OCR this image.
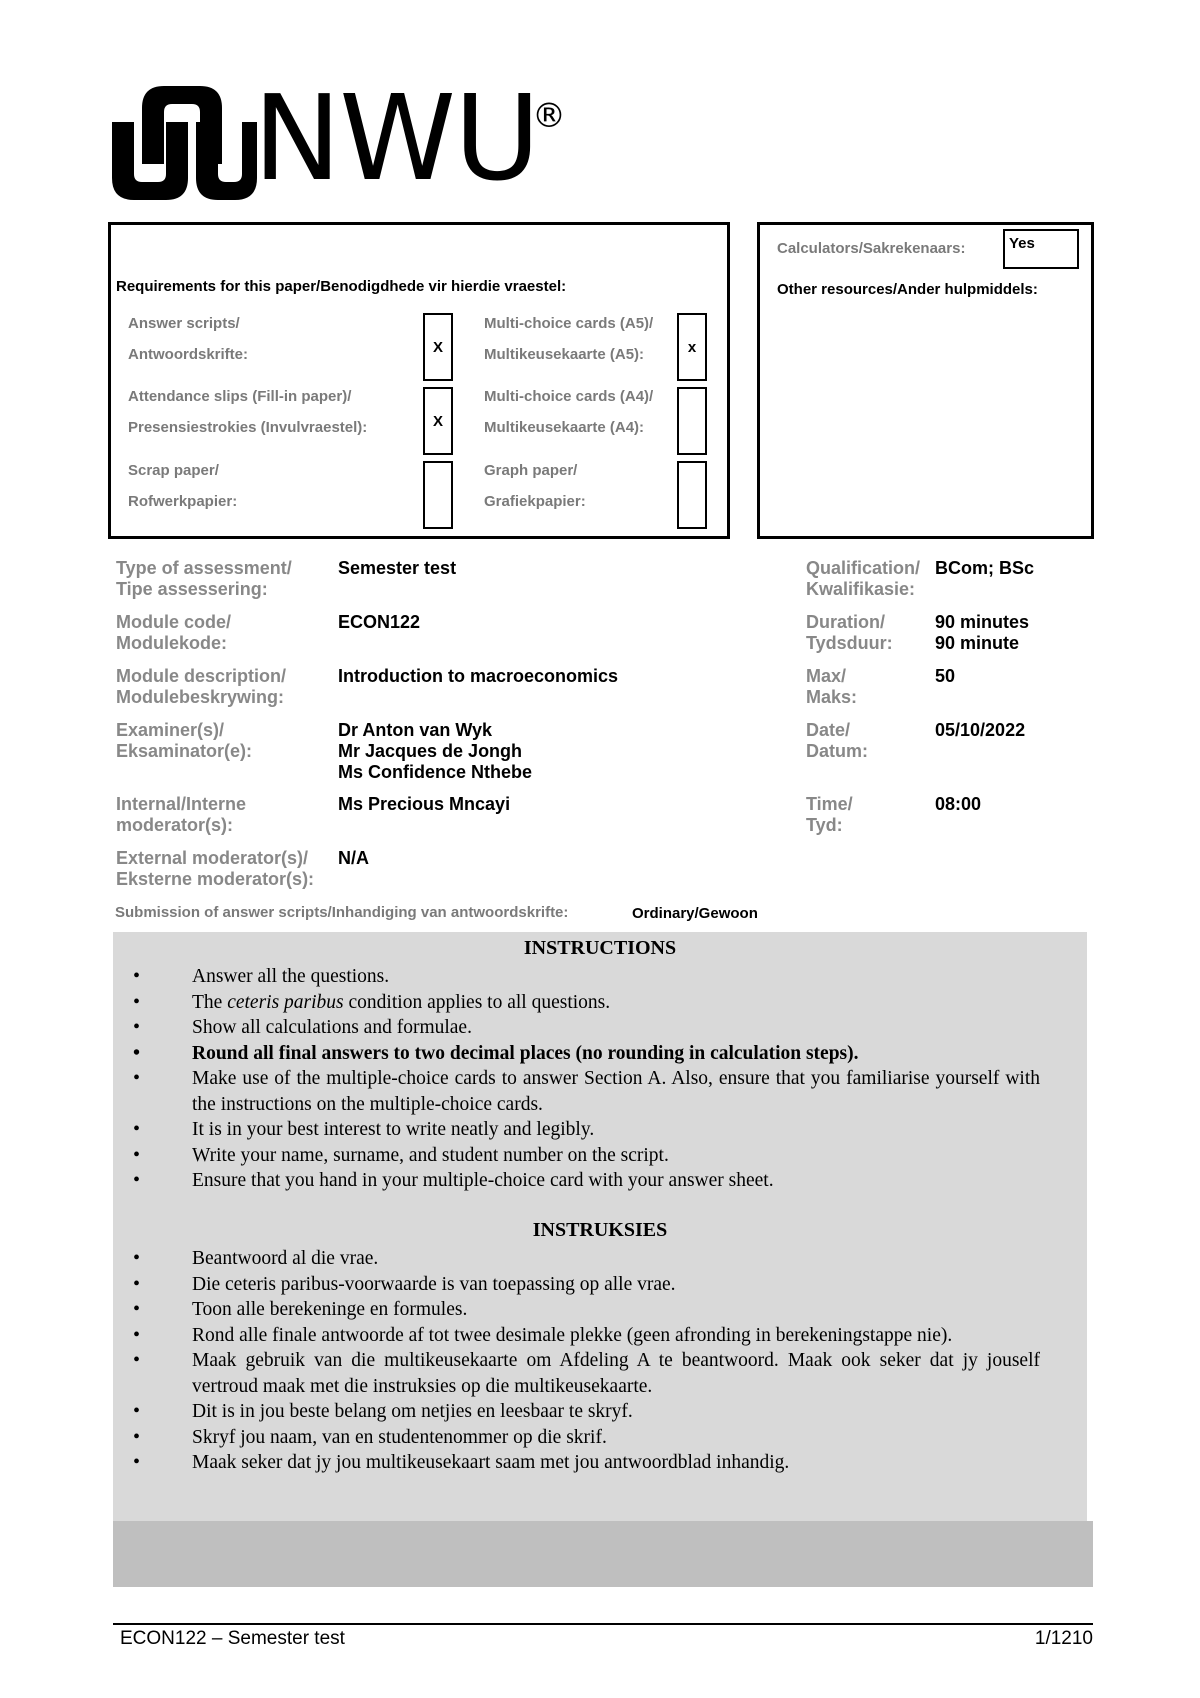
NWU
®
Requirements for this paper/Benodigdhede vir hierdie vraestel:
Answer scripts/
Antwoordskrifte:	X
Attendance slips (Fill-in paper)/
Presensiestrokies (Invulvraestel):	X
Scrap paper/
Rofwerkpapier:
Multi-choice cards (A5)/
Multikeusekaarte (A5):	x
Multi-choice cards (A4)/
Multikeusekaarte (A4):
Graph paper/
Grafiekpapier:
Calculators/Sakrekenaars:	Yes
Other resources/Ander hulpmiddels:
Type of assessment/
Tipe assessering:
Semester test
Module code/
Modulekode:
ECON122
Module description/
Modulebeskrywing:
Introduction to macroeconomics
Examiner(s)/
Eksaminator(e):
Dr Anton van Wyk
Mr Jacques de Jongh
Ms Confidence Nthebe
Internal/Interne
moderator(s):
Ms Precious Mncayi
External moderator(s)/
Eksterne moderator(s):
N/A
Qualification/
Kwalifikasie:
BCom; BSc
Duration/
Tydsduur:
90 minutes
90 minute
Max/
Maks:
50
Date/
Datum:
05/10/2022
Time/
Tyd:
08:00
Submission of answer scripts/Inhandiging van antwoordskrifte:	Ordinary/Gewoon
INSTRUCTIONS
• Answer all the questions.
• The ceteris paribus condition applies to all questions.
• Show all calculations and formulae.
• Round all final answers to two decimal places (no rounding in calculation steps).
• Make use of the multiple-choice cards to answer Section A. Also, ensure that you familiarise yourself with the instructions on the multiple-choice cards.
• It is in your best interest to write neatly and legibly.
• Write your name, surname, and student number on the script.
• Ensure that you hand in your multiple-choice card with your answer sheet.
INSTRUKSIES
• Beantwoord al die vrae.
• Die ceteris paribus-voorwaarde is van toepassing op alle vrae.
• Toon alle berekeninge en formules.
• Rond alle finale antwoorde af tot twee desimale plekke (geen afronding in berekeningstappe nie).
• Maak gebruik van die multikeusekaarte om Afdeling A te beantwoord. Maak ook seker dat jy jouself vertroud maak met die instruksies op die multikeusekaarte.
• Dit is in jou beste belang om netjies en leesbaar te skryf.
• Skryf jou naam, van en studentenommer op die skrif.
• Maak seker dat jy jou multikeusekaart saam met jou antwoordblad inhandig.
ECON122 – Semester test	1/1210
